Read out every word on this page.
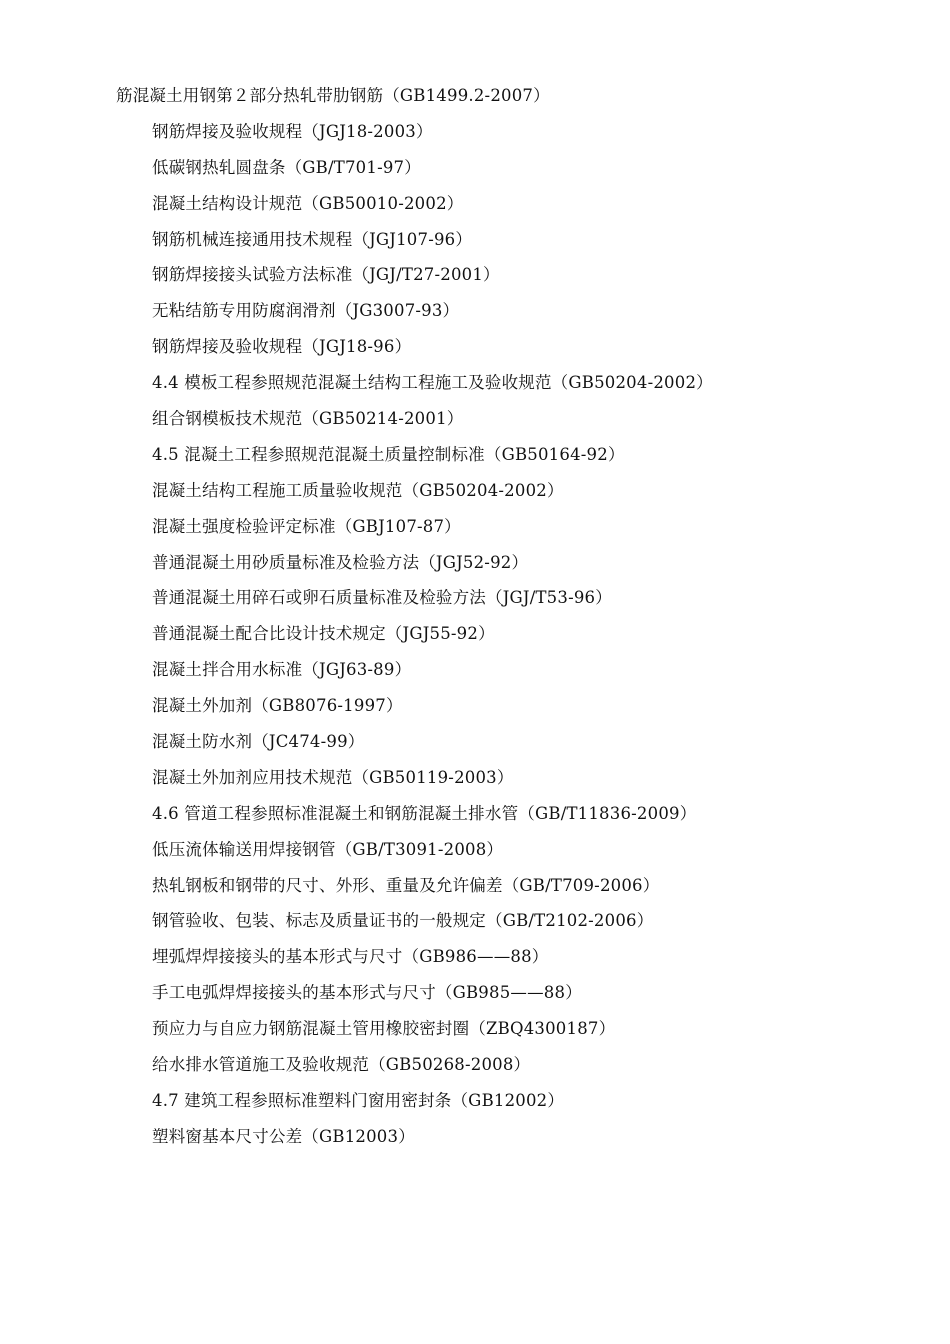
筋混凝土用钢第２部分热轧带肋钢筋（GB1499.2-2007）
钢筋焊接及验收规程（JGJ18-2003）
低碳钢热轧圆盘条（GB/T701-97）
混凝土结构设计规范（GB50010-2002）
钢筋机械连接通用技术规程（JGJ107-96）
钢筋焊接接头试验方法标准（JGJ/T27-2001）
无粘结筋专用防腐润滑剂（JG3007-93）
钢筋焊接及验收规程（JGJ18-96）
4.4 模板工程参照规范混凝土结构工程施工及验收规范（GB50204-2002）
组合钢模板技术规范（GB50214-2001）
4.5 混凝土工程参照规范混凝土质量控制标准（GB50164-92）
混凝土结构工程施工质量验收规范（GB50204-2002）
混凝土强度检验评定标准（GBJ107-87）
普通混凝土用砂质量标准及检验方法（JGJ52-92）
普通混凝土用碎石或卵石质量标准及检验方法（JGJ/T53-96）
普通混凝土配合比设计技术规定（JGJ55-92）
混凝土拌合用水标准（JGJ63-89）
混凝土外加剂（GB8076-1997）
混凝土防水剂（JC474-99）
混凝土外加剂应用技术规范（GB50119-2003）
4.6 管道工程参照标准混凝土和钢筋混凝土排水管（GB/T11836-2009）
低压流体输送用焊接钢管（GB/T3091-2008）
热轧钢板和钢带的尺寸、外形、重量及允许偏差（GB/T709-2006）
钢管验收、包装、标志及质量证书的一般规定（GB/T2102-2006）
埋弧焊焊接接头的基本形式与尺寸（GB986——88）
手工电弧焊焊接接头的基本形式与尺寸（GB985——88）
预应力与自应力钢筋混凝土管用橡胶密封圈（ZBQ4300187）
给水排水管道施工及验收规范（GB50268-2008）
4.7 建筑工程参照标准塑料门窗用密封条（GB12002）
塑料窗基本尺寸公差（GB12003）
